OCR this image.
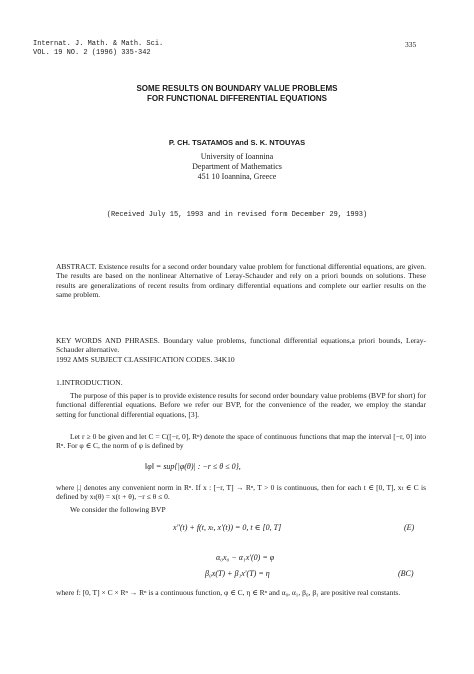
Internat. J. Math. & Math. Sci.
VOL. 19 NO. 2 (1996) 335-342
335
SOME RESULTS ON BOUNDARY VALUE PROBLEMS
FOR FUNCTIONAL DIFFERENTIAL EQUATIONS
P. CH. TSATAMOS and S. K. NTOUYAS
University of Ioannina
Department of Mathematics
451 10 Ioannina, Greece
(Received July 15, 1993 and in revised form December 29, 1993)
ABSTRACT. Existence results for a second order boundary value problem for functional differential equations, are given. The results are based on the nonlinear Alternative of Leray-Schauder and rely on a priori bounds on solutions. These results are generalizations of recent results from ordinary differential equations and complete our earlier results on the same problem.
KEY WORDS AND PHRASES. Boundary value problems, functional differential equations,a priori bounds, Leray-Schauder alternative.
1992 AMS SUBJECT CLASSIFICATION CODES. 34K10
1.INTRODUCTION.
The purpose of this paper is to provide existence results for second order boundary value problems (BVP for short) for functional differential equations. Before we refer our BVP, for the convenience of the reader, we employ the standar setting for functional differential equations, [3].
Let r ≥ 0 be given and let C = C([−r, 0], Rⁿ) denote the space of continuous functions that map the interval [−r, 0] into Rⁿ. For φ ∈ C, the norm of φ is defined by
‖φ‖ = sup{|φ(θ)| : −r ≤ θ ≤ 0},
where |.| denotes any convenient norm in Rⁿ. If x : [−r, T] → Rⁿ, T > 0 is continuous, then for each t ∈ [0, T], xₜ ∈ C is defined by xₜ(θ) = x(t + θ), −r ≤ θ ≤ 0.
We consider the following BVP
x″(t) + f(t, xₜ, x′(t)) = 0, t ∈ [0, T]	(E)
α₀x₀ − α₁x′(0) = φ
β₀x(T) + β₁x′(T) = η	(BC)
where f: [0, T] × C × Rⁿ → Rⁿ is a continuous function, φ ∈ C, η ∈ Rⁿ and α₀, α₁, β₀, β₁ are positive real constants.
